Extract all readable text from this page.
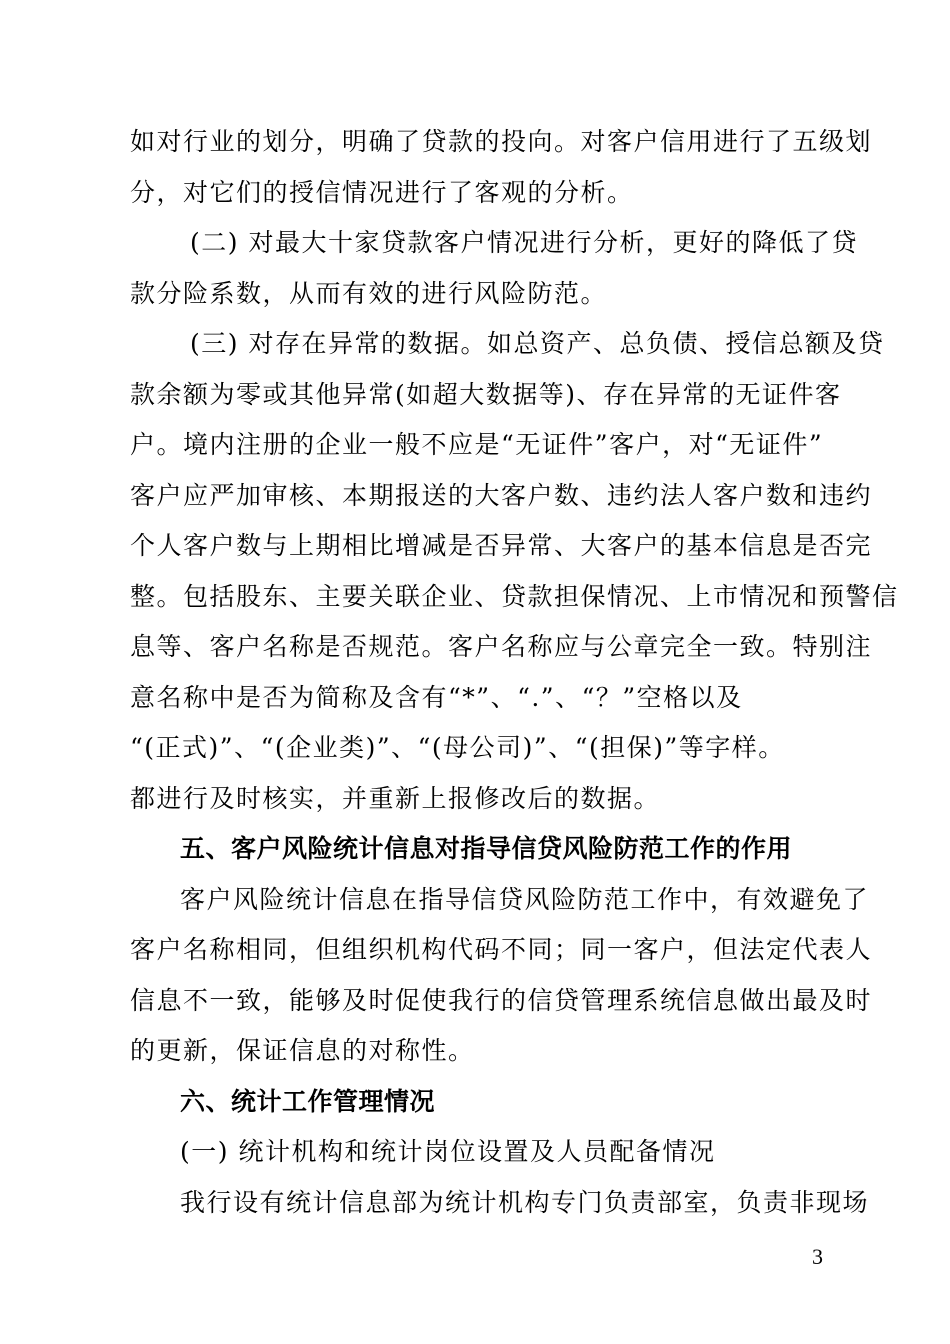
如对行业的划分，明确了贷款的投向。对客户信用进行了五级划
分，对它们的授信情况进行了客观的分析。
(二) 对最大十家贷款客户情况进行分析，更好的降低了贷
款分险系数，从而有效的进行风险防范。
(三) 对存在异常的数据。如总资产、总负债、授信总额及贷
款余额为零或其他异常(如超大数据等)、存在异常的无证件客
户。境内注册的企业一般不应是“无证件”客户，对“无证件”
客户应严加审核、本期报送的大客户数、违约法人客户数和违约
个人客户数与上期相比增减是否异常、大客户的基本信息是否完
整。包括股东、主要关联企业、贷款担保情况、上市情况和预警信
息等、客户名称是否规范。客户名称应与公章完全一致。特别注
意名称中是否为简称及含有“*”、“.”、“？”空格以及
“(正式)”、“(企业类)”、“(母公司)”、“(担保)”等字样。
都进行及时核实，并重新上报修改后的数据。
五、客户风险统计信息对指导信贷风险防范工作的作用
客户风险统计信息在指导信贷风险防范工作中，有效避免了
客户名称相同，但组织机构代码不同；同一客户，但法定代表人
信息不一致，能够及时促使我行的信贷管理系统信息做出最及时
的更新，保证信息的对称性。
六、统计工作管理情况
(一) 统计机构和统计岗位设置及人员配备情况
我行设有统计信息部为统计机构专门负责部室，负责非现场
3
